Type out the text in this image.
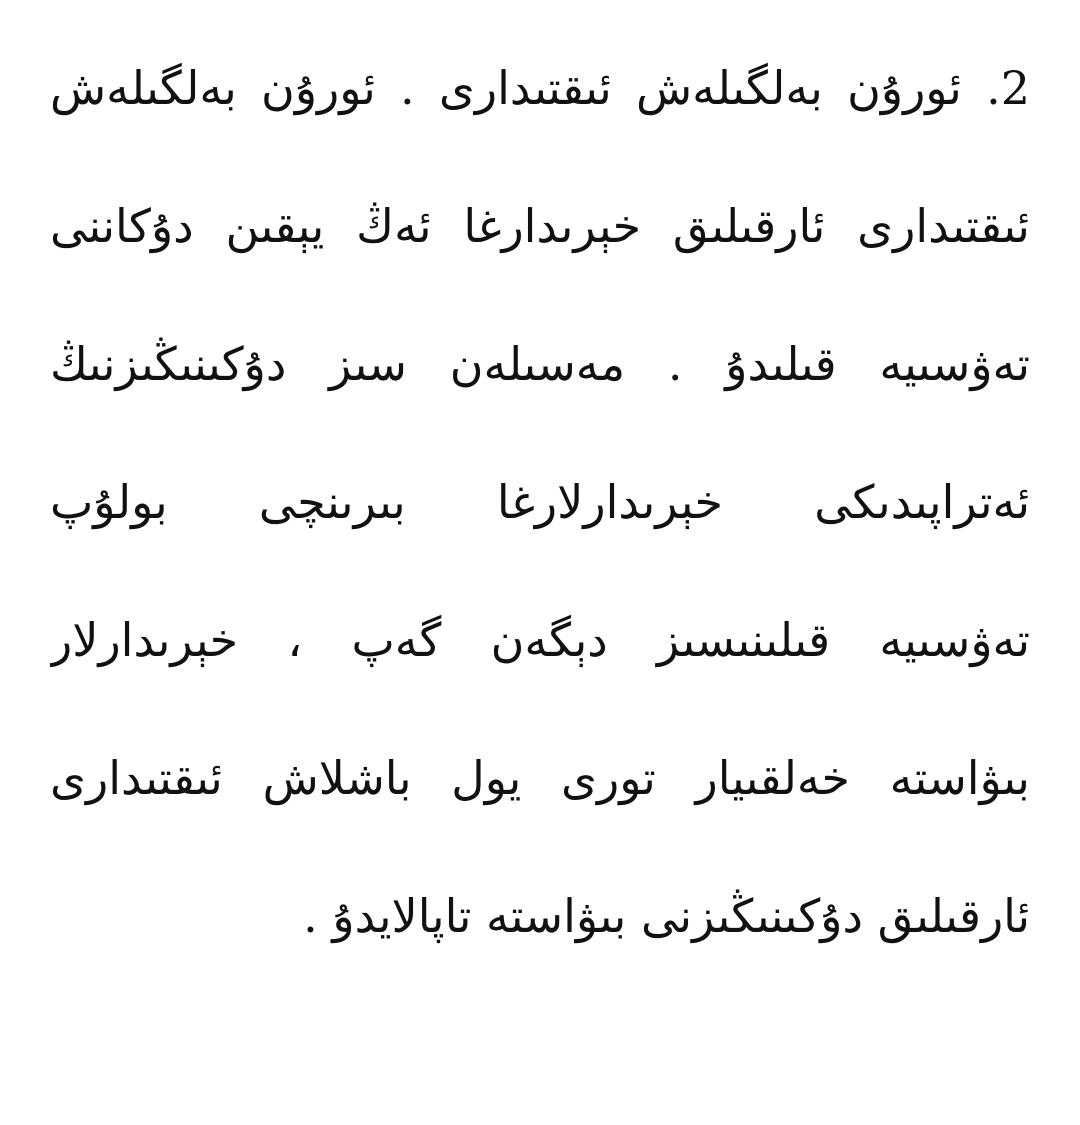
2. ئورۇن بەلگىلەش ئىقتىدارى . ئورۇن بەلگىلەش
ئىقتىدارى ئارقىلىق خېرىدارغا ئەڭ يېقىن دۇكاننى
تەۋسىيە قىلىدۇ . مەسىلەن سىز دۇكىنىڭىزنىڭ
ئەتراپىدىكى خېرىدارلارغا بىرىنچى بولۇپ
تەۋسىيە قىلىنىسىز دېگەن گەپ ، خېرىدارلار
بىۋاستە خەلقىيار تورى يول باشلاش ئىقتىدارى
ئارقىلىق دۇكىنىڭىزنى بىۋاستە تاپالايدۇ .
